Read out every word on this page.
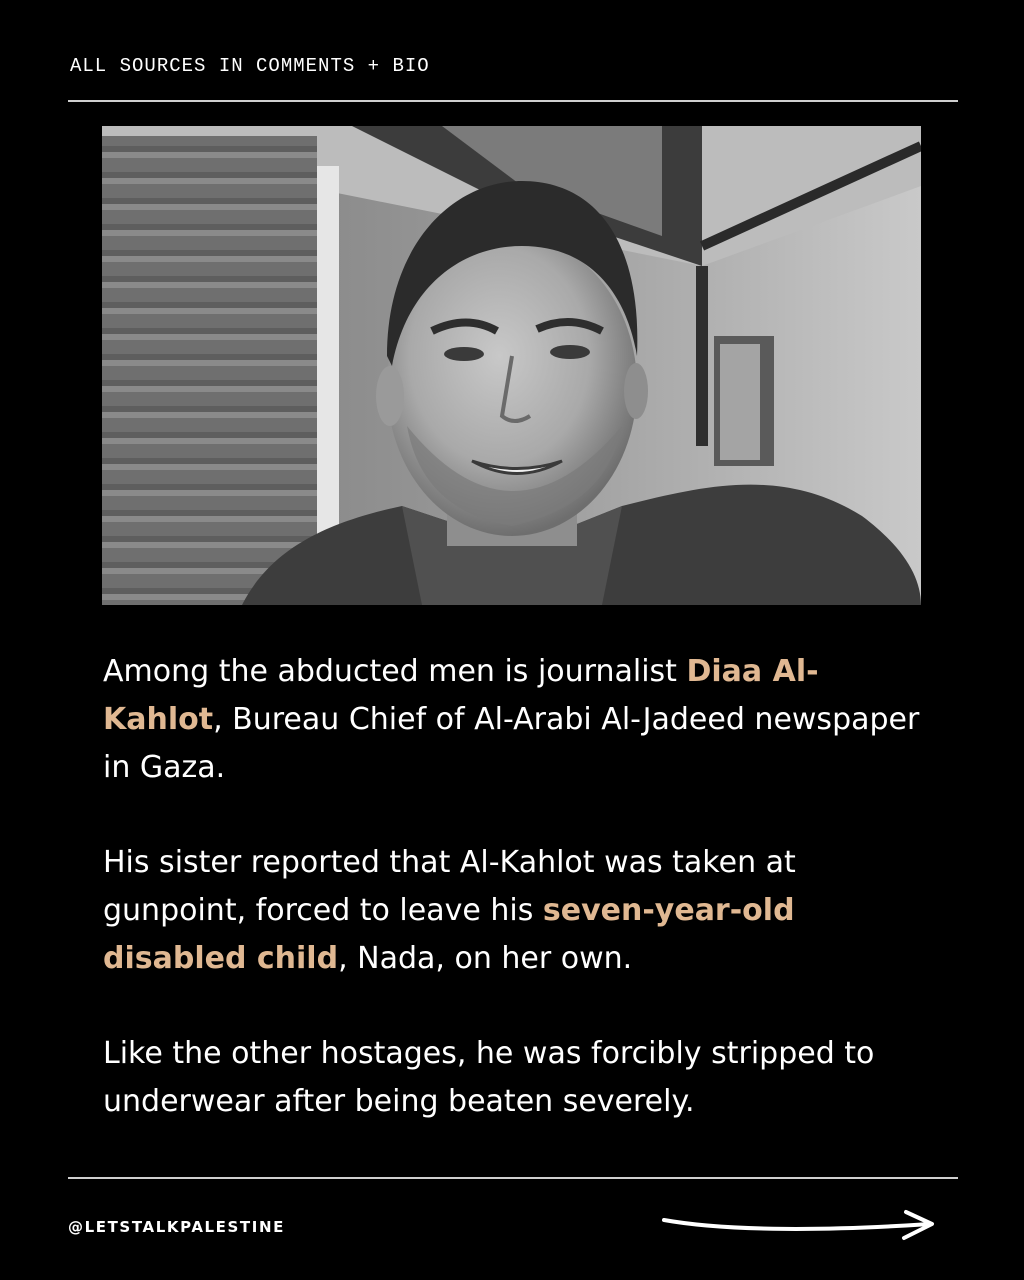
ALL SOURCES IN COMMENTS + BIO

Among the abducted men is journalist Diaa Al-Kahlot, Bureau Chief of Al-Arabi Al-Jadeed newspaper in Gaza.

His sister reported that Al-Kahlot was taken at gunpoint, forced to leave his seven-year-old disabled child, Nada, on her own.

Like the other hostages, he was forcibly stripped to underwear after being beaten severely.

@LETSTALKPALESTINE
